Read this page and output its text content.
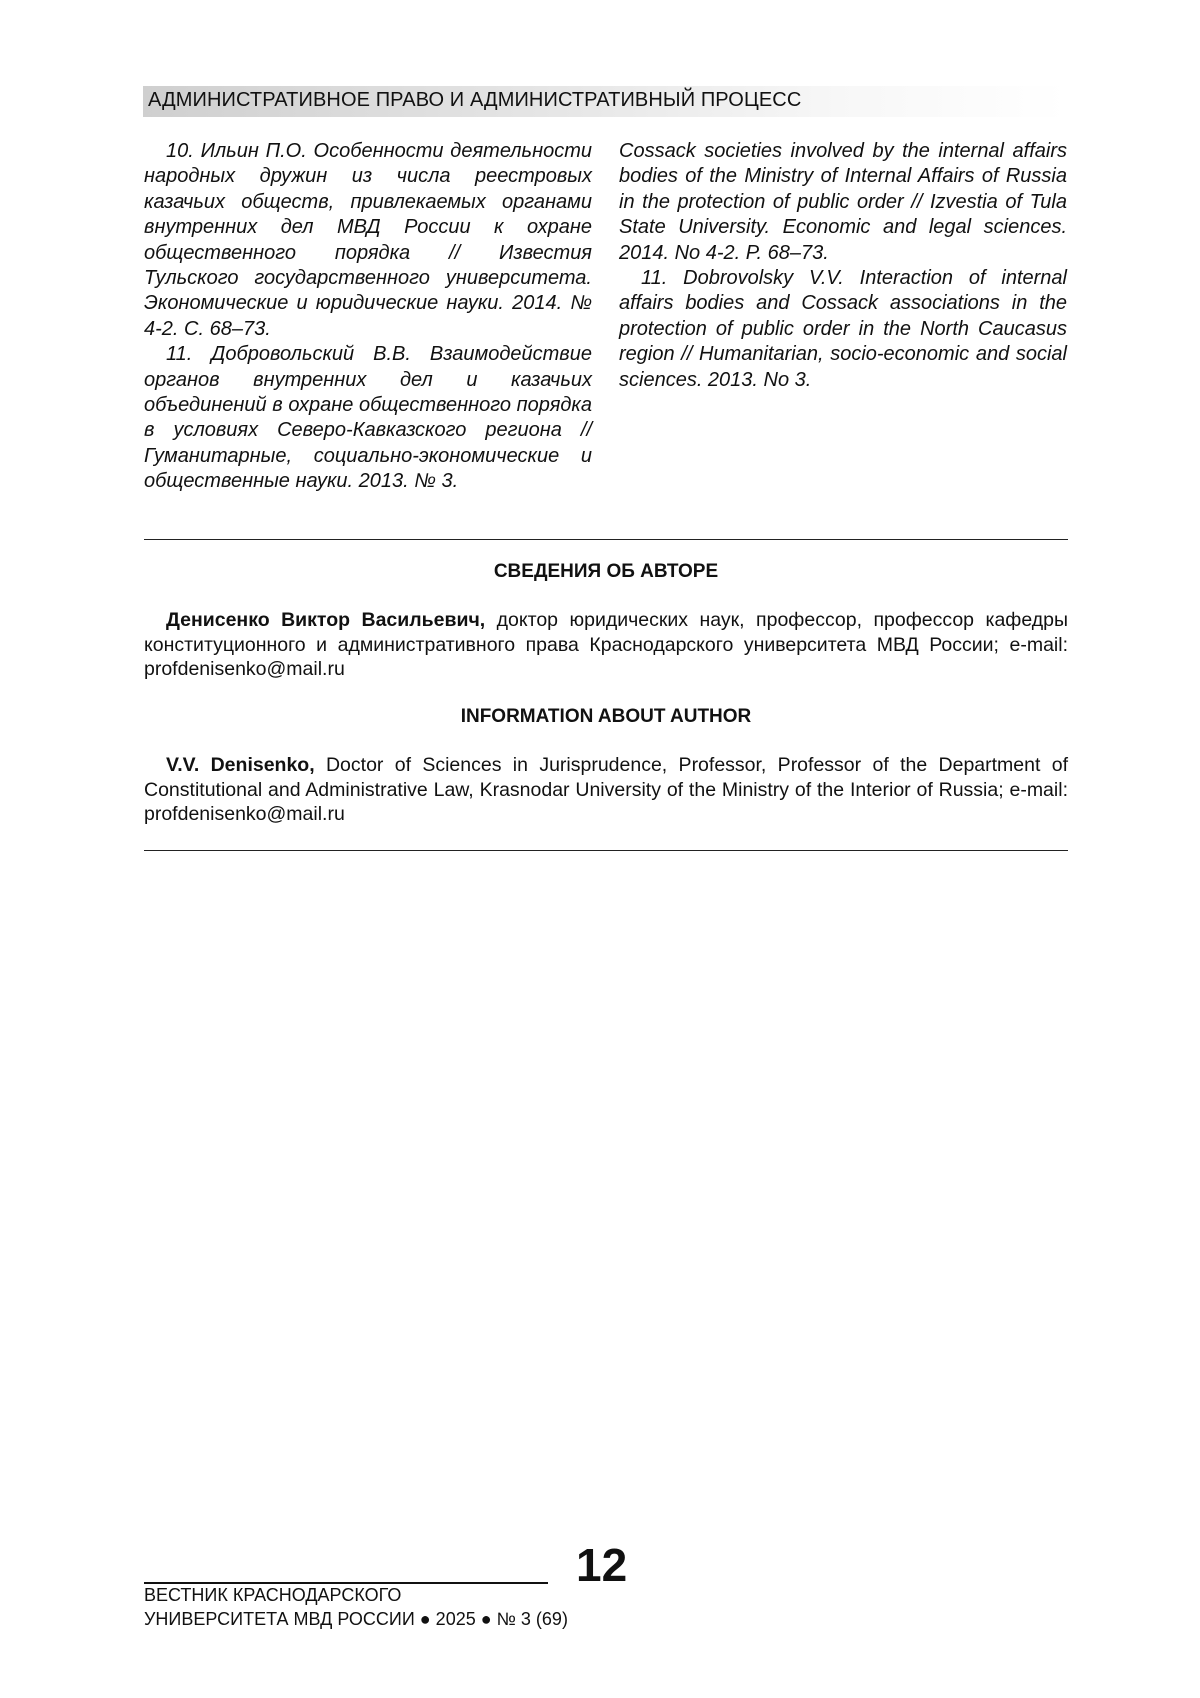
АДМИНИСТРАТИВНОЕ ПРАВО И АДМИНИСТРАТИВНЫЙ ПРОЦЕСС

10. Ильин П.О. Особенности деятельности народных дружин из числа реестровых казачьих обществ, привлекаемых органами внутренних дел МВД России к охране общественного порядка // Известия Тульского государственного университета. Экономические и юридические науки. 2014. № 4-2. С. 68–73.

11. Добровольский В.В. Взаимодействие органов внутренних дел и казачьих объединений в охране общественного порядка в условиях Северо-Кавказского региона // Гуманитарные, социально-экономические и общественные науки. 2013. № 3.

Cossack societies involved by the internal affairs bodies of the Ministry of Internal Affairs of Russia in the protection of public order // Izvestia of Tula State University. Economic and legal sciences. 2014. No 4-2. P. 68–73.

11. Dobrovolsky V.V. Interaction of internal affairs bodies and Cossack associations in the protection of public order in the North Caucasus region // Humanitarian, socio-economic and social sciences. 2013. No 3.

СВЕДЕНИЯ ОБ АВТОРЕ

Денисенко Виктор Васильевич, доктор юридических наук, профессор, профессор кафедры конституционного и административного права Краснодарского университета МВД России; e-mail: profdenisenko@mail.ru

INFORMATION ABOUT AUTHOR

V.V. Denisenko, Doctor of Sciences in Jurisprudence, Professor, Professor of the Department of Constitutional and Administrative Law, Krasnodar University of the Ministry of the Interior of Russia; e-mail: profdenisenko@mail.ru

12
ВЕСТНИК КРАСНОДАРСКОГО
УНИВЕРСИТЕТА МВД РОССИИ ● 2025 ● № 3 (69)
